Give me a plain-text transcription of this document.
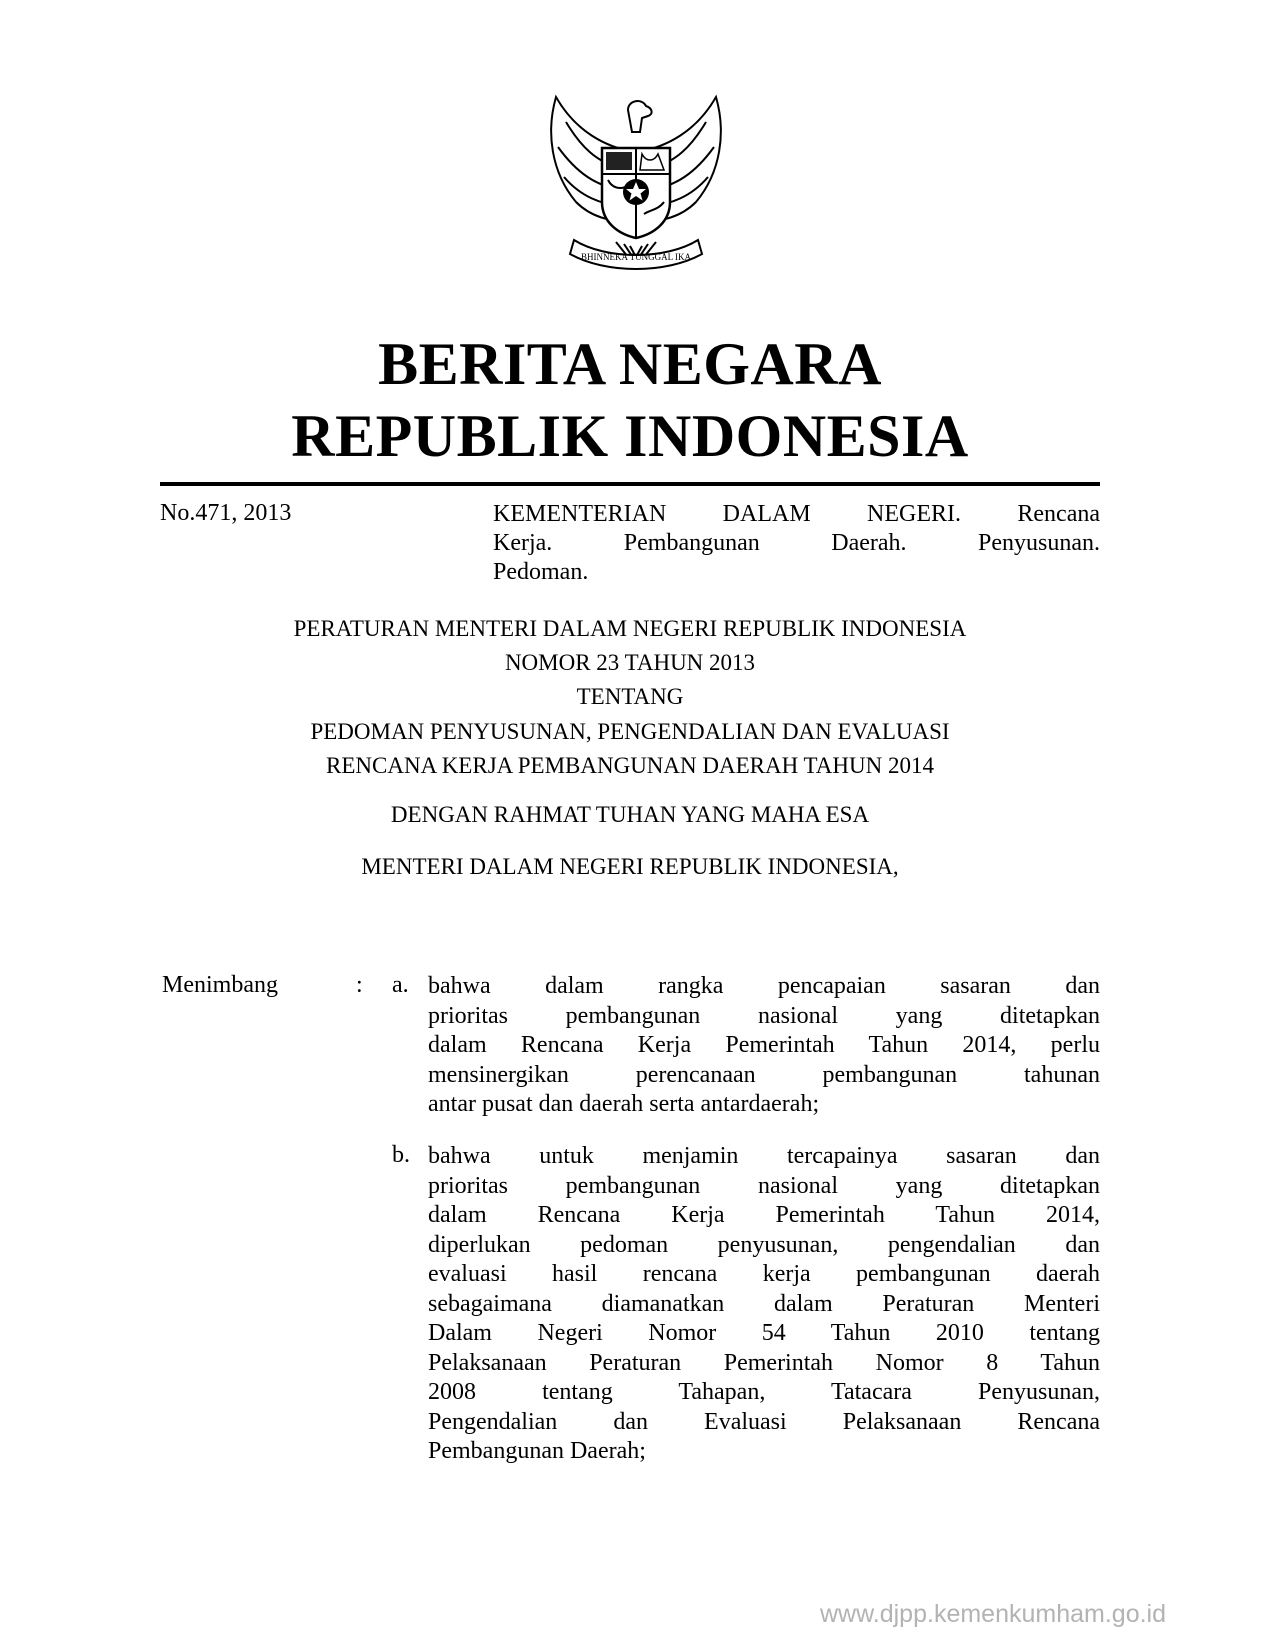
BHINNEKA TUNGGAL IKA
BERITA NEGARA
REPUBLIK INDONESIA
No.471, 2013	KEMENTERIAN DALAM NEGERI. Rencana
Kerja. Pembangunan Daerah. Penyusunan.
Pedoman.
PERATURAN MENTERI DALAM NEGERI REPUBLIK INDONESIA
NOMOR 23 TAHUN 2013
TENTANG
PEDOMAN PENYUSUNAN, PENGENDALIAN DAN EVALUASI
RENCANA KERJA PEMBANGUNAN DAERAH TAHUN 2014
DENGAN RAHMAT TUHAN YANG MAHA ESA
MENTERI DALAM NEGERI REPUBLIK INDONESIA,
Menimbang	: a. bahwa dalam rangka pencapaian sasaran dan
prioritas pembangunan nasional yang ditetapkan
dalam Rencana Kerja Pemerintah Tahun 2014, perlu
mensinergikan perencanaan pembangunan tahunan
antar pusat dan daerah serta antardaerah;
b. bahwa untuk menjamin tercapainya sasaran dan
prioritas pembangunan nasional yang ditetapkan
dalam Rencana Kerja Pemerintah Tahun 2014,
diperlukan pedoman penyusunan, pengendalian dan
evaluasi hasil rencana kerja pembangunan daerah
sebagaimana diamanatkan dalam Peraturan Menteri
Dalam Negeri Nomor 54 Tahun 2010 tentang
Pelaksanaan Peraturan Pemerintah Nomor 8 Tahun
2008 tentang Tahapan, Tatacara Penyusunan,
Pengendalian dan Evaluasi Pelaksanaan Rencana
Pembangunan Daerah;
www.djpp.kemenkumham.go.id
